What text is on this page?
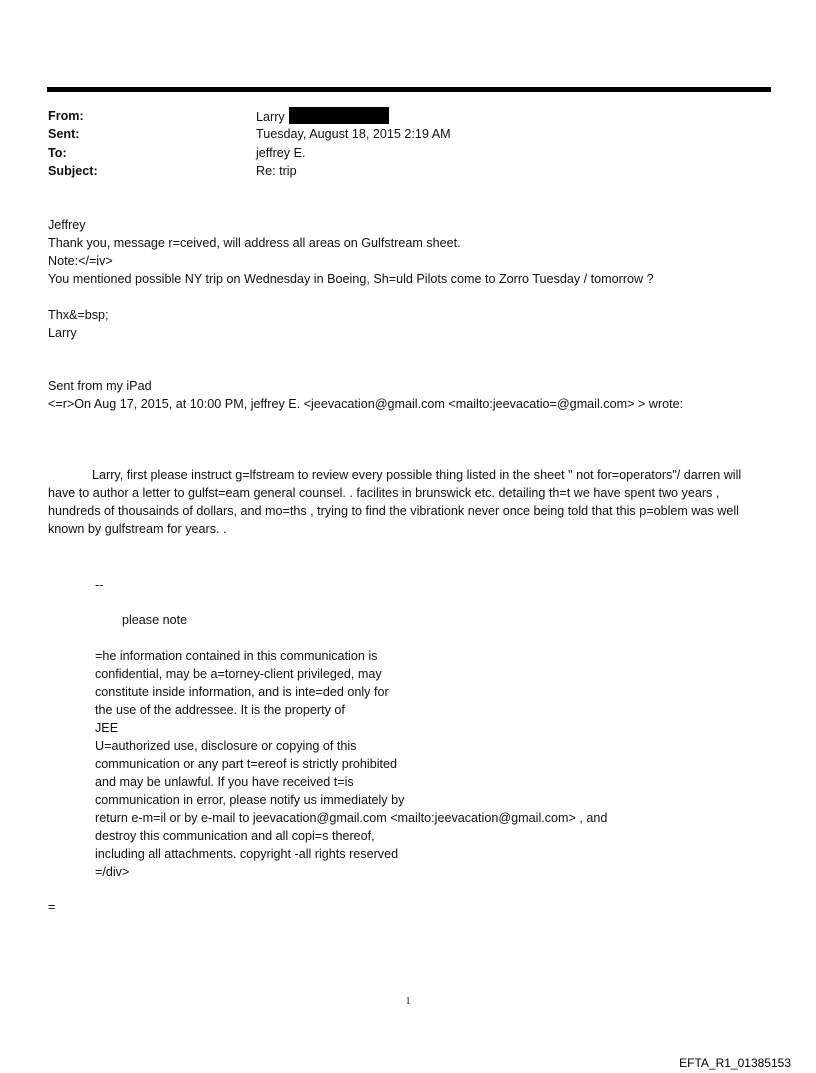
From:	Larry
Sent:	Tuesday, August 18, 2015 2:19 AM
To:	jeffrey E.
Subject:	Re: trip
Jeffrey
Thank you, message r=ceived, will address all areas on Gulfstream sheet.
Note:</=iv>
You mentioned possible NY trip on Wednesday in Boeing, Sh=uld Pilots come to Zorro Tuesday / tomorrow ?
Thx&=bsp;
Larry
Sent from my iPad
<=r>On Aug 17, 2015, at 10:00 PM, jeffrey E. <jeevacation@gmail.com <mailto:jeevacatio=@gmail.com> > wrote:

Larry, first please instruct g=lfstream to review every possible thing listed in the sheet " not for=operators"/ darren will have to author a letter to gulfst=eam general counsel. . facilites in brunswick etc. detailing th=t we have spent two years , hundreds of thousainds of dollars, and mo=ths , trying to find the vibrationk never once being told that this p=oblem was well known by gulfstream for years. .

--
please note
=he information contained in this communication is
confidential, may be a=torney-client privileged, may
constitute inside information, and is inte=ded only for
the use of the addressee. It is the property of
JEE
U=authorized use, disclosure or copying of this
communication or any part t=ereof is strictly prohibited
and may be unlawful. If you have received t=is
communication in error, please notify us immediately by
return e-m=il or by e-mail to jeevacation@gmail.com <mailto:jeevacation@gmail.com> , and
destroy this communication and all copi=s thereof,
including all attachments. copyright -all rights reserved
=/div>
=
1
EFTA_R1_01385153
